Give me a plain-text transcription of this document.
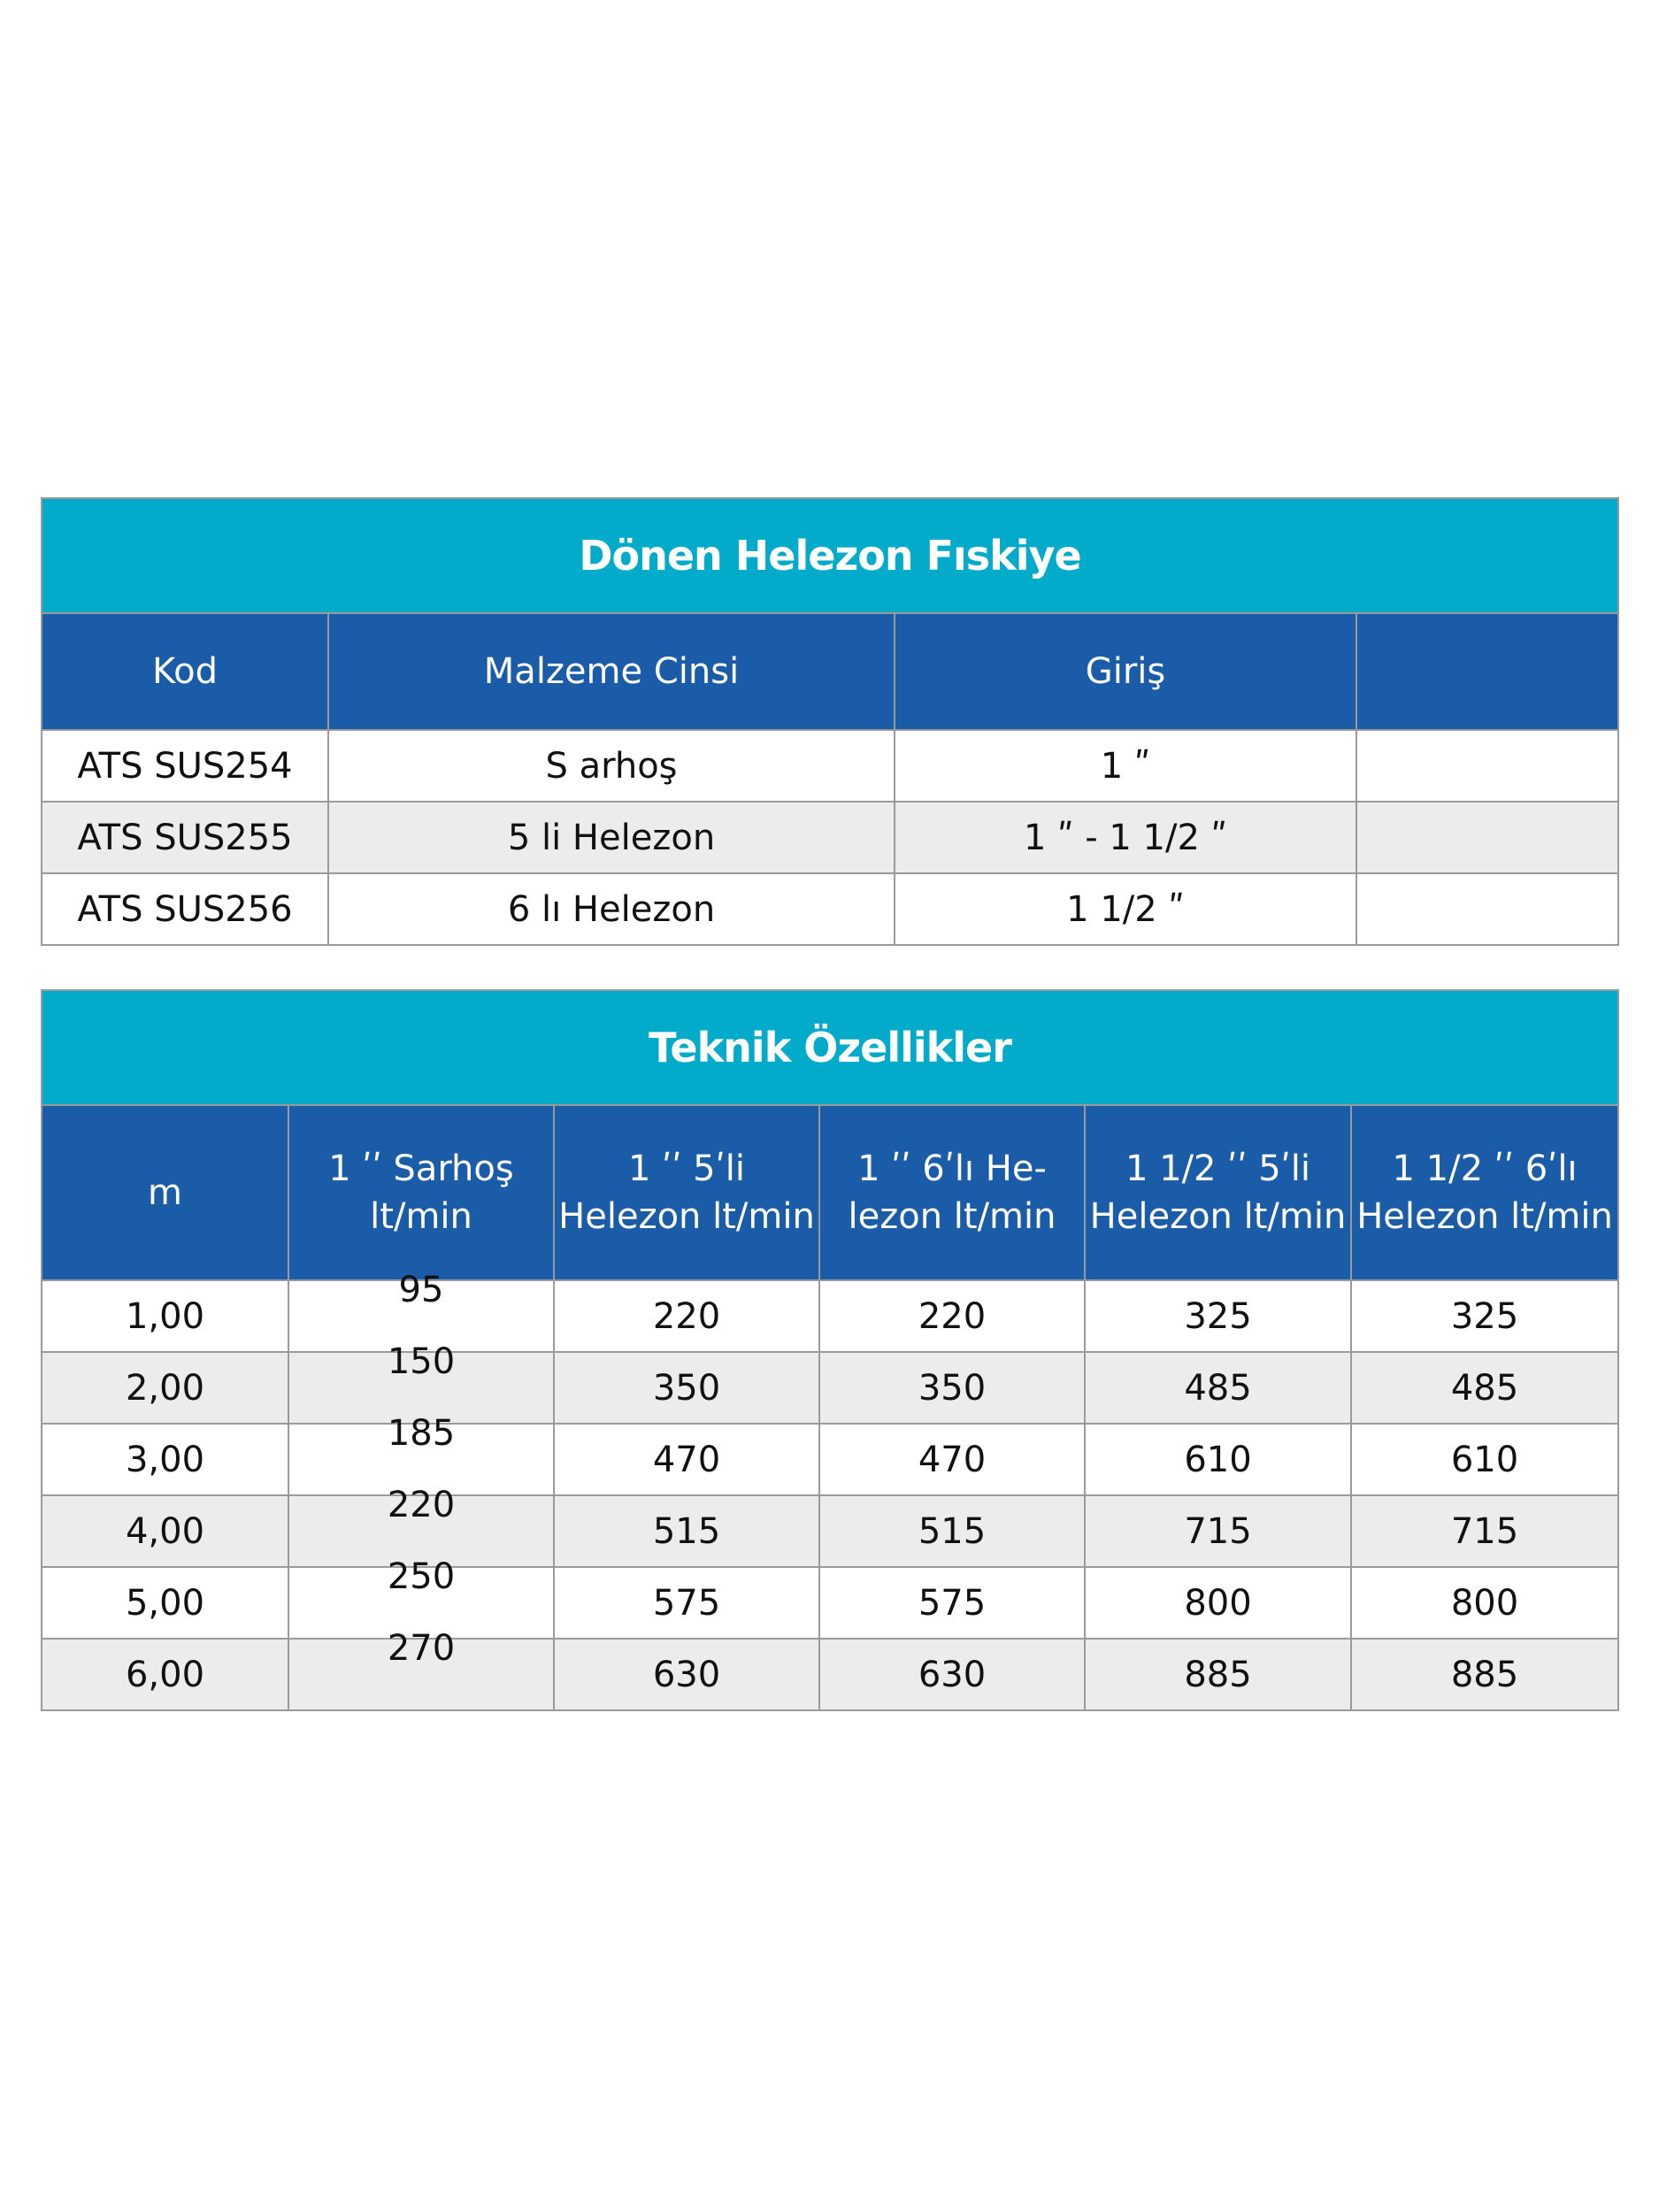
Dönen Helezon Fıskiye			
Kod	Malzeme Cinsi	Giriş	
ATS SUS254	S arhoş	1 ʺ	
ATS SUS255	5 li Helezon	1 ʺ - 1 1/2 ʺ	
ATS SUS256	6 lı Helezon	1 1/2 ʺ	
Teknik Özellikler					
m	1 ʹʹ Sarhoş lt/min	1 ʹʹ 5ʹli Helezon lt/min	1 ʹʹ 6ʹlı He-lezon lt/min	1 1/2 ʹʹ 5ʹli Helezon lt/min	1 1/2 ʹʹ 6ʹlı Helezon lt/min
1,00	95	220	220	325	325
2,00	150	350	350	485	485
3,00	185	470	470	610	610
4,00	220	515	515	715	715
5,00	250	575	575	800	800
6,00	270	630	630	885	885
